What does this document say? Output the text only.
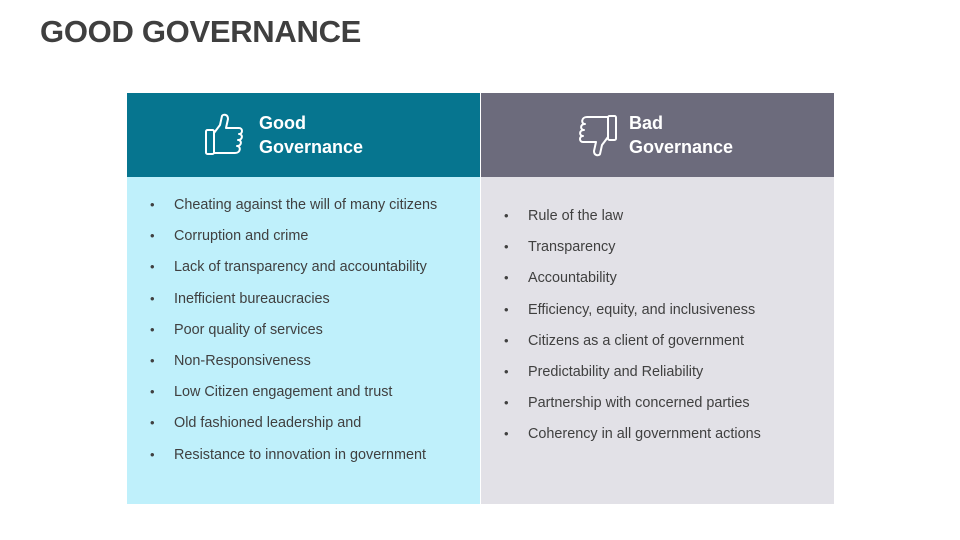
GOOD GOVERNANCE
Good
Governance
• Cheating against the will of many citizens
• Corruption and crime
• Lack of transparency and accountability
• Inefficient bureaucracies
• Poor quality of services
• Non-Responsiveness
• Low Citizen engagement and trust
• Old fashioned leadership and
• Resistance to innovation in government
Bad
Governance
• Rule of the law
• Transparency
• Accountability
• Efficiency, equity, and inclusiveness
• Citizens as a client of government
• Predictability and Reliability
• Partnership with concerned parties
• Coherency in all government actions
